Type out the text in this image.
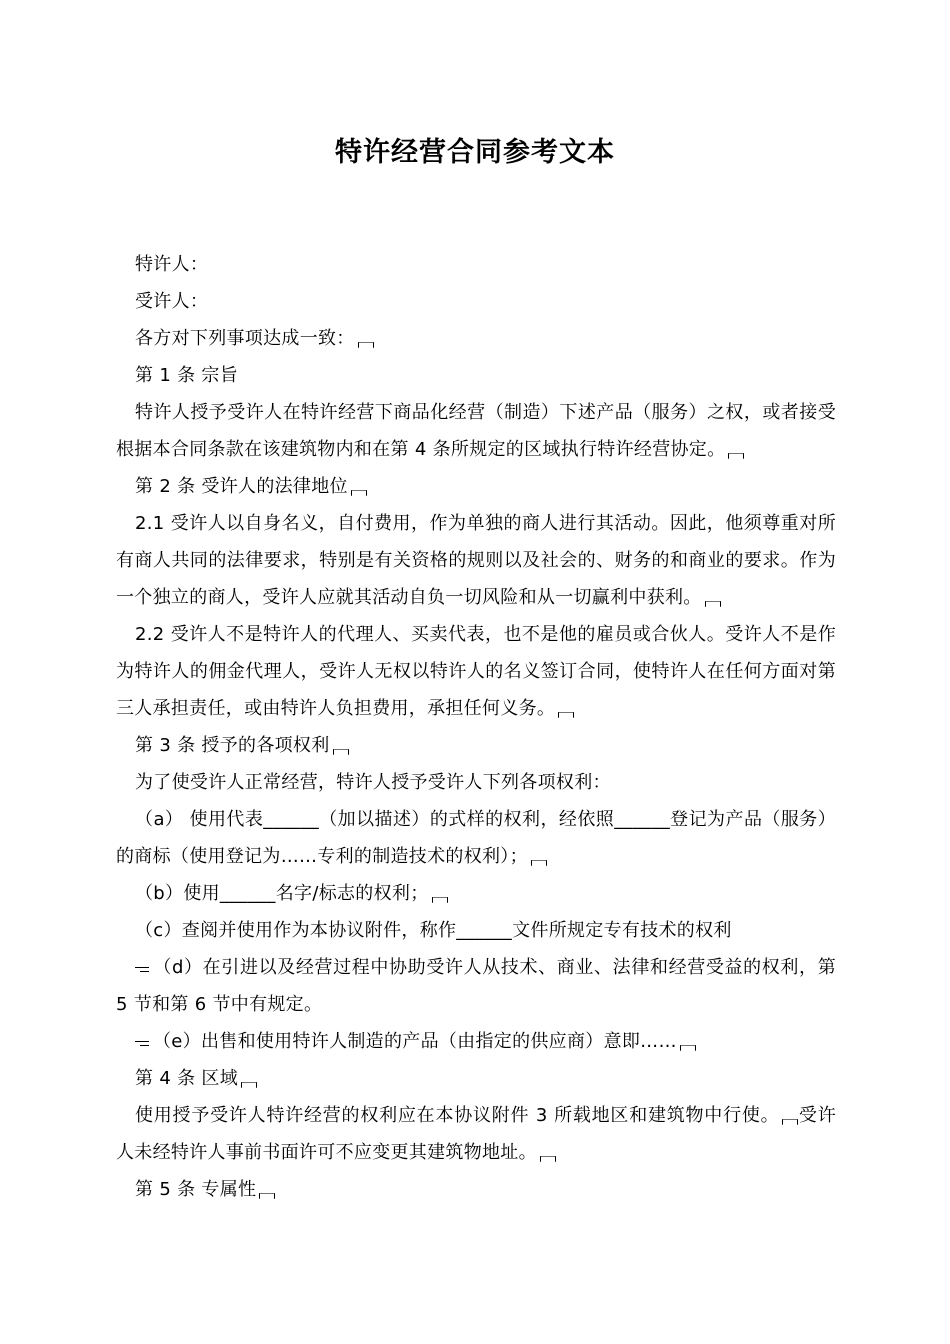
特许经营合同参考文本

特许人：

受许人：

各方对下列事项达成一致：

第 1 条 宗旨

特许人授予受许人在特许经营下商品化经营（制造）下述产品（服务）之权，或者接受根据本合同条款在该建筑物内和在第 4 条所规定的区域执行特许经营协定。

第 2 条 受许人的法律地位

2.1 受许人以自身名义，自付费用，作为单独的商人进行其活动。因此，他须尊重对所有商人共同的法律要求，特别是有关资格的规则以及社会的、财务的和商业的要求。作为一个独立的商人，受许人应就其活动自负一切风险和从一切赢利中获利。

2.2 受许人不是特许人的代理人、买卖代表，也不是他的雇员或合伙人。受许人不是作为特许人的佣金代理人，受许人无权以特许人的名义签订合同，使特许人在任何方面对第三人承担责任，或由特许人负担费用，承担任何义务。

第 3 条 授予的各项权利

为了使受许人正常经营，特许人授予受许人下列各项权利：

（a） 使用代表______（加以描述）的式样的权利，经依照______登记为产品（服务）的商标（使用登记为……专利的制造技术的权利）；

（b）使用______名字/标志的权利；

（c）查阅并使用作为本协议附件，称作______文件所规定专有技术的权利

（d）在引进以及经营过程中协助受许人从技术、商业、法律和经营受益的权利，第 5 节和第 6 节中有规定。

（e）出售和使用特许人制造的产品（由指定的供应商）意即……

第 4 条 区域

使用授予受许人特许经营的权利应在本协议附件 3 所载地区和建筑物中行使。 受许人未经特许人事前书面许可不应变更其建筑物地址。

第 5 条 专属性
